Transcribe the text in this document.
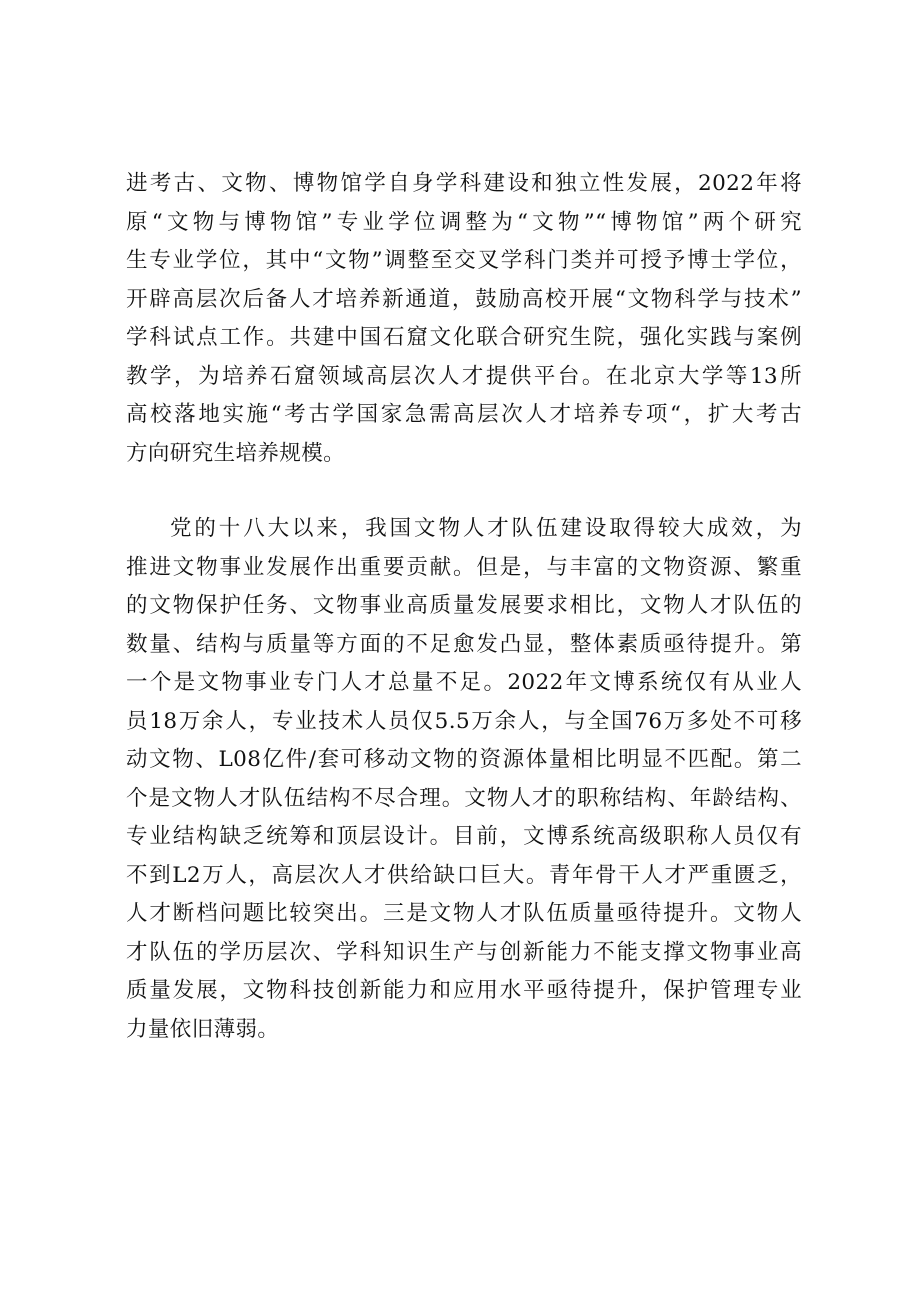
进考古、文物、博物馆学自身学科建设和独立性发展，2022年将
原“文物与博物馆”专业学位调整为“文物”“博物馆”两个研究
生专业学位，其中“文物”调整至交叉学科门类并可授予博士学位，
开辟高层次后备人才培养新通道，鼓励高校开展“文物科学与技术”
学科试点工作。共建中国石窟文化联合研究生院，强化实践与案例
教学，为培养石窟领域高层次人才提供平台。在北京大学等13所
高校落地实施“考古学国家急需高层次人才培养专项“，扩大考古
方向研究生培养规模。
党的十八大以来，我国文物人才队伍建设取得较大成效，为
推进文物事业发展作出重要贡献。但是，与丰富的文物资源、繁重
的文物保护任务、文物事业高质量发展要求相比，文物人才队伍的
数量、结构与质量等方面的不足愈发凸显，整体素质亟待提升。第
一个是文物事业专门人才总量不足。2022年文博系统仅有从业人
员18万余人，专业技术人员仅5.5万余人，与全国76万多处不可移
动文物、L08亿件/套可移动文物的资源体量相比明显不匹配。第二
个是文物人才队伍结构不尽合理。文物人才的职称结构、年龄结构、
专业结构缺乏统筹和顶层设计。目前，文博系统高级职称人员仅有
不到L2万人，高层次人才供给缺口巨大。青年骨干人才严重匮乏，
人才断档问题比较突出。三是文物人才队伍质量亟待提升。文物人
才队伍的学历层次、学科知识生产与创新能力不能支撑文物事业高
质量发展，文物科技创新能力和应用水平亟待提升，保护管理专业
力量依旧薄弱。
